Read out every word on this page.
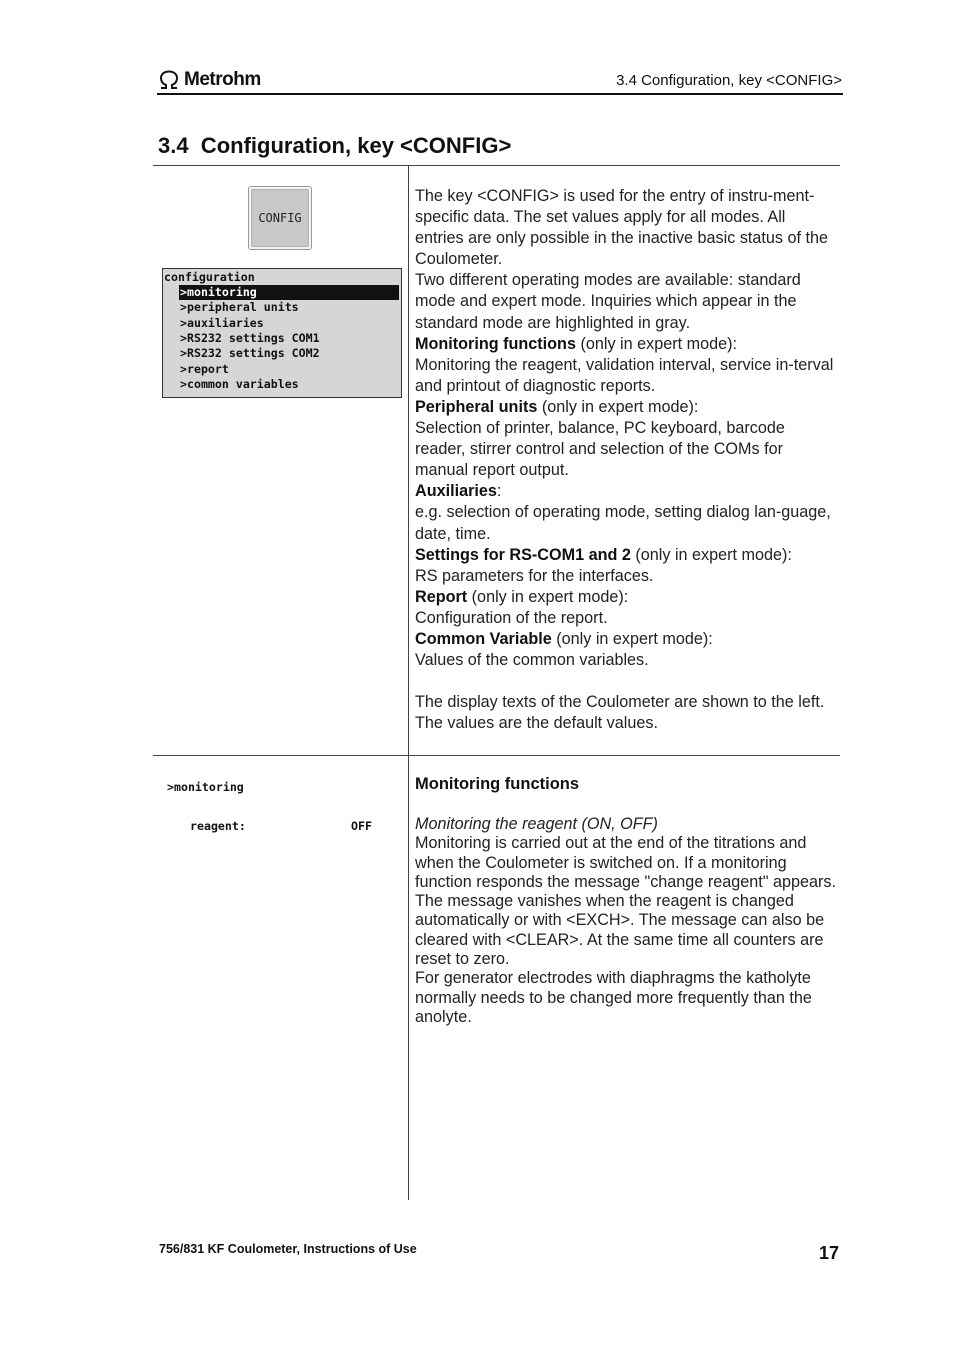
Metrohm	3.4 Configuration, key <CONFIG>
3.4  Configuration, key <CONFIG>
CONFIG
configuration
>monitoring
>peripheral units
>auxiliaries
>RS232 settings COM1
>RS232 settings COM2
>report
>common variables

The key <CONFIG> is used for the entry of instru-ment-specific data. The set values apply for all modes. All entries are only possible in the inactive basic status of the Coulometer.

Two different operating modes are available: standard mode and expert mode. Inquiries which appear in the standard mode are highlighted in gray.

Monitoring functions (only in expert mode):

Monitoring the reagent, validation interval, service in-terval and printout of diagnostic reports.

Peripheral units (only in expert mode):

Selection of printer, balance, PC keyboard, barcode reader, stirrer control and selection of the COMs for manual report output.

Auxiliaries:

e.g. selection of operating mode, setting dialog lan-guage, date, time.

Settings for RS-COM1 and 2 (only in expert mode):

RS parameters for the interfaces.

Report (only in expert mode):

Configuration of the report.

Common Variable (only in expert mode):

Values of the common variables.

The display texts of the Coulometer are shown to the left. The values are the default values.

>monitoring
reagent:	OFF
Monitoring functions

Monitoring the reagent (ON, OFF)

Monitoring is carried out at the end of the titrations and when the Coulometer is switched on. If a monitoring function responds the message "change reagent" appears. The message vanishes when the reagent is changed automatically or with <EXCH>. The message can also be cleared with <CLEAR>. At the same time all counters are reset to zero.

For generator electrodes with diaphragms the katholyte normally needs to be changed more frequently than the anolyte.

756/831 KF Coulometer, Instructions of Use	17
